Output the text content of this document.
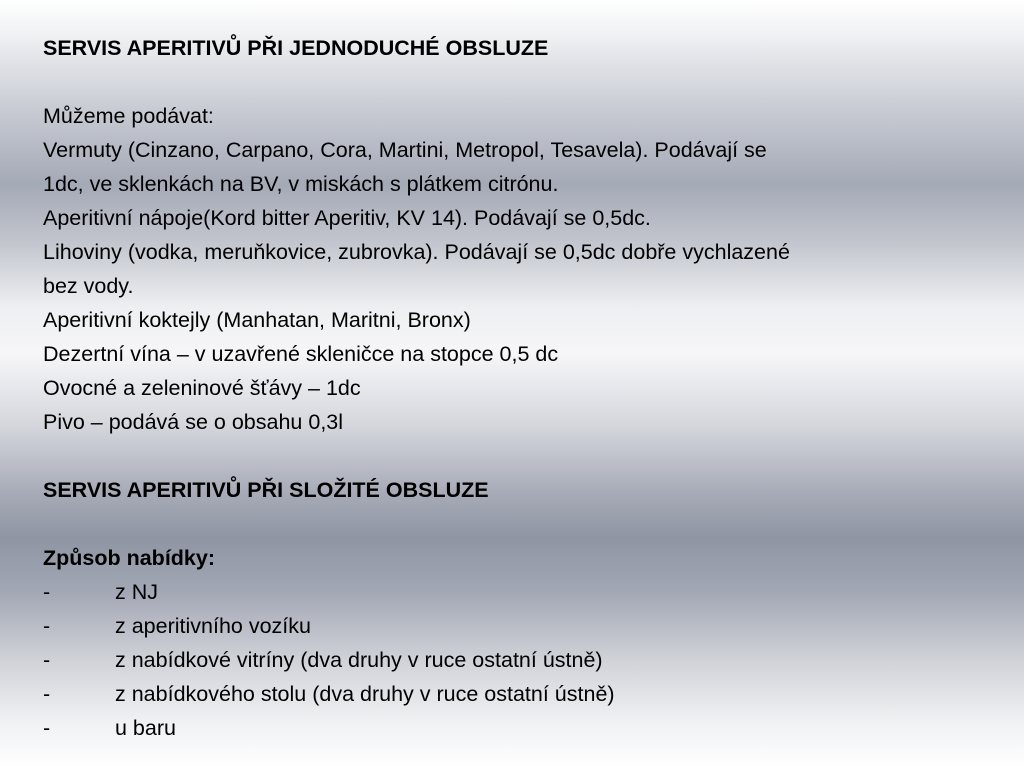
SERVIS APERITIVŮ PŘI JEDNODUCHÉ OBSLUZE
Můžeme podávat:
Vermuty (Cinzano, Carpano, Cora, Martini, Metropol, Tesavela). Podávají se
1dc, ve sklenkách na BV, v miskách s plátkem citrónu.
Aperitivní nápoje(Kord bitter Aperitiv, KV 14). Podávají se 0,5dc.
Lihoviny (vodka, meruňkovice, zubrovka). Podávají se 0,5dc dobře vychlazené
bez vody.
Aperitivní koktejly (Manhatan, Maritni, Bronx)
Dezertní vína – v uzavřené skleničce na stopce 0,5 dc
Ovocné a zeleninové šťávy – 1dc
Pivo – podává se o obsahu 0,3l
SERVIS APERITIVŮ PŘI SLOŽITÉ OBSLUZE
Způsob nabídky:
-	z NJ
-	z aperitivního vozíku
-	z nabídkové vitríny (dva druhy v ruce ostatní ústně)
-	z nabídkového stolu (dva druhy v ruce ostatní ústně)
-	u baru
